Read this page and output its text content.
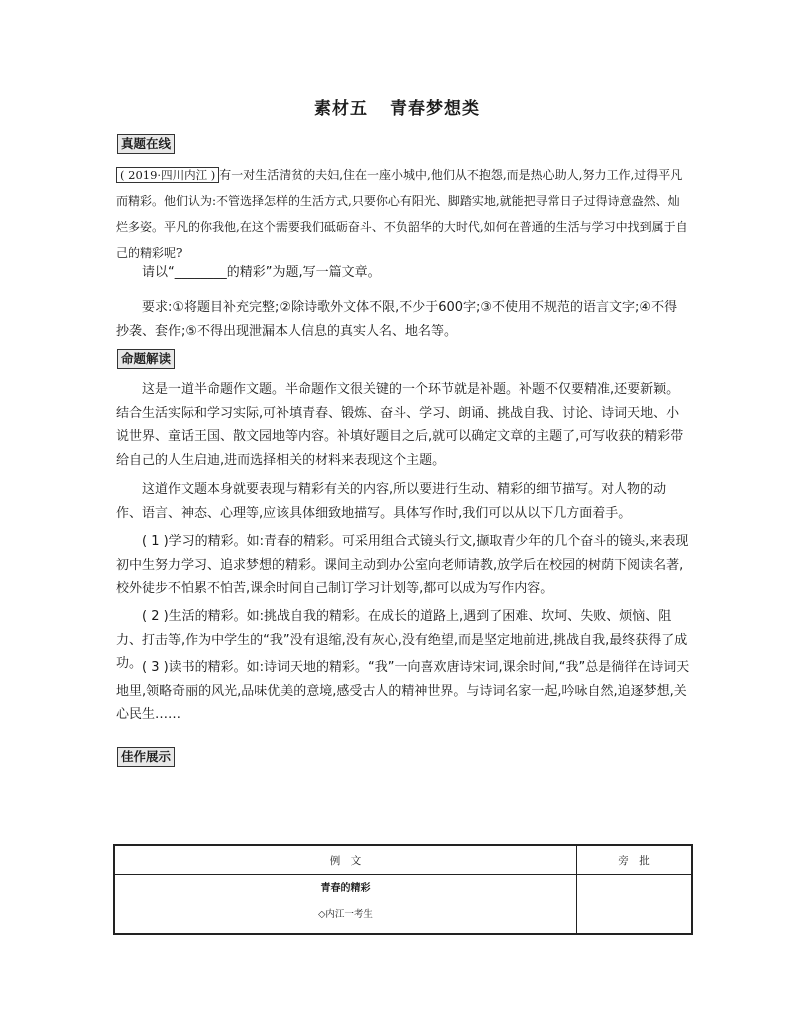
素材五 青春梦想类
真题在线
( 2019·四川内江 ) 有一对生活清贫的夫妇,住在一座小城中,他们从不抱怨,而是热心助人,努力工作,过得平凡而精彩。他们认为:不管选择怎样的生活方式,只要你心有阳光、脚踏实地,就能把寻常日子过得诗意盎然、灿烂多姿。平凡的你我他,在这个需要我们砥砺奋斗、不负韶华的大时代,如何在普通的生活与学习中找到属于自己的精彩呢?
请以“________的精彩”为题,写一篇文章。
要求:①将题目补充完整;②除诗歌外文体不限,不少于600字;③不使用不规范的语言文字;④不得抄袭、套作;⑤不得出现泄漏本人信息的真实人名、地名等。
命题解读
这是一道半命题作文题。半命题作文很关键的一个环节就是补题。补题不仅要精准,还要新颖。结合生活实际和学习实际,可补填青春、锻炼、奋斗、学习、朗诵、挑战自我、讨论、诗词天地、小说世界、童话王国、散文园地等内容。补填好题目之后,就可以确定文章的主题了,可写收获的精彩带给自己的人生启迪,进而选择相关的材料来表现这个主题。
这道作文题本身就要表现与精彩有关的内容,所以要进行生动、精彩的细节描写。对人物的动作、语言、神态、心理等,应该具体细致地描写。具体写作时,我们可以从以下几方面着手。
( 1 )学习的精彩。如:青春的精彩。可采用组合式镜头行文,撷取青少年的几个奋斗的镜头,来表现初中生努力学习、追求梦想的精彩。课间主动到办公室向老师请教,放学后在校园的树荫下阅读名著,校外徒步不怕累不怕苦,课余时间自己制订学习计划等,都可以成为写作内容。
( 2 )生活的精彩。如:挑战自我的精彩。在成长的道路上,遇到了困难、坎坷、失败、烦恼、阻力、打击等,作为中学生的“我”没有退缩,没有灰心,没有绝望,而是坚定地前进,挑战自我,最终获得了成功。 ( 3 )读书的精彩。如:诗词天地的精彩。“我”一向喜欢唐诗宋词,课余时间,“我”总是徜徉在诗词天地里,领略奇丽的风光,品味优美的意境,感受古人的精神世界。与诗词名家一起,吟咏自然,追逐梦想,关心民生……
佳作展示
例　文	旁　批

青春的精彩
◇内江一考生	
